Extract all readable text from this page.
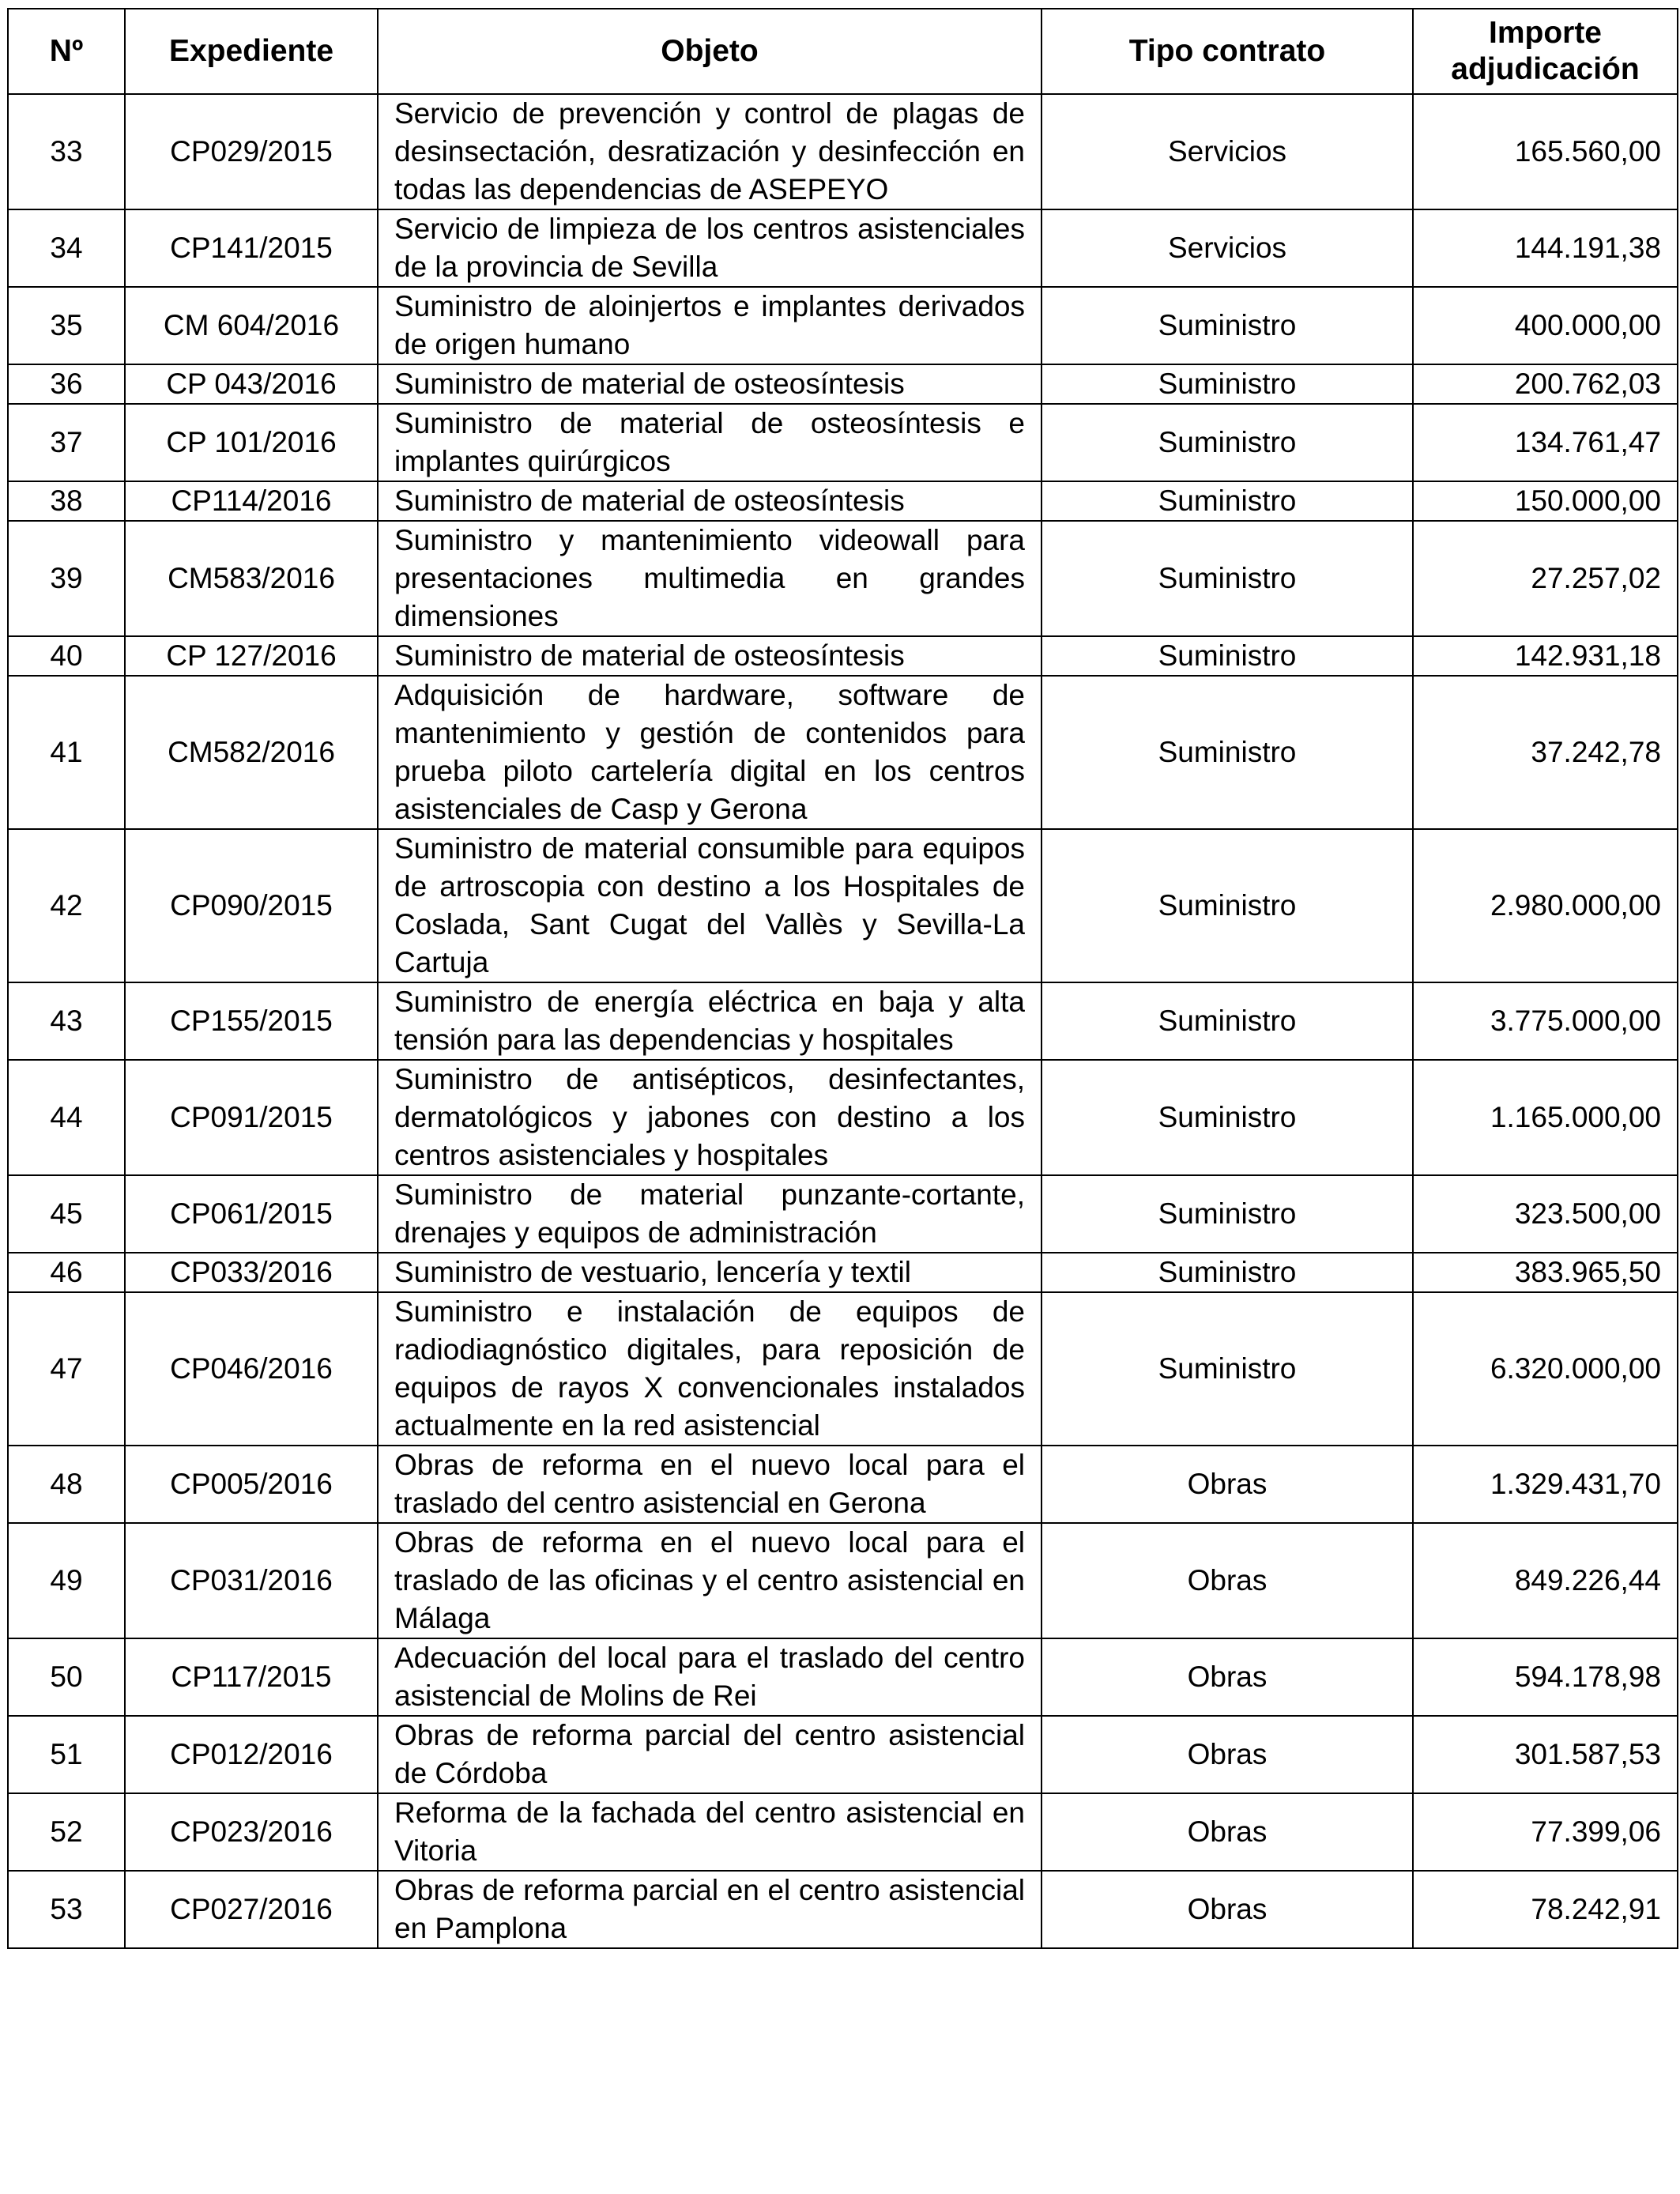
Nº	Expediente	Objeto	Tipo contrato	Importe adjudicación
33	CP029/2015	Servicio de prevención y control de plagas de desinsectación, desratización y desinfección en todas las dependencias de ASEPEYO	Servicios	165.560,00
34	CP141/2015	Servicio de limpieza de los centros asistenciales de la provincia de Sevilla	Servicios	144.191,38
35	CM 604/2016	Suministro de aloinjertos e implantes derivados de origen humano	Suministro	400.000,00
36	CP 043/2016	Suministro de material de osteosíntesis	Suministro	200.762,03
37	CP 101/2016	Suministro de material de osteosíntesis e implantes quirúrgicos	Suministro	134.761,47
38	CP114/2016	Suministro de material de osteosíntesis	Suministro	150.000,00
39	CM583/2016	Suministro y mantenimiento videowall para presentaciones multimedia en grandes dimensiones	Suministro	27.257,02
40	CP 127/2016	Suministro de material de osteosíntesis	Suministro	142.931,18
41	CM582/2016	Adquisición de hardware, software de mantenimiento y gestión de contenidos para prueba piloto cartelería digital en los centros asistenciales de Casp y Gerona	Suministro	37.242,78
42	CP090/2015	Suministro de material consumible para equipos de artroscopia con destino a los Hospitales de Coslada, Sant Cugat del Vallès y Sevilla-La Cartuja	Suministro	2.980.000,00
43	CP155/2015	Suministro de energía eléctrica en baja y alta tensión para las dependencias y hospitales	Suministro	3.775.000,00
44	CP091/2015	Suministro de antisépticos, desinfectantes, dermatológicos y jabones con destino a los centros asistenciales y hospitales	Suministro	1.165.000,00
45	CP061/2015	Suministro de material punzante-cortante, drenajes y equipos de administración	Suministro	323.500,00
46	CP033/2016	Suministro de vestuario, lencería y textil	Suministro	383.965,50
47	CP046/2016	Suministro e instalación de equipos de radiodiagnóstico digitales, para reposición de equipos de rayos X convencionales instalados actualmente en la red asistencial	Suministro	6.320.000,00
48	CP005/2016	Obras de reforma en el nuevo local para el traslado del centro asistencial en Gerona	Obras	1.329.431,70
49	CP031/2016	Obras de reforma en el nuevo local para el traslado de las oficinas y el centro asistencial en Málaga	Obras	849.226,44
50	CP117/2015	Adecuación del local para el traslado del centro asistencial de Molins de Rei	Obras	594.178,98
51	CP012/2016	Obras de reforma parcial del centro asistencial de Córdoba	Obras	301.587,53
52	CP023/2016	Reforma de la fachada del centro asistencial en Vitoria	Obras	77.399,06
53	CP027/2016	Obras de reforma parcial en el centro asistencial en Pamplona	Obras	78.242,91
